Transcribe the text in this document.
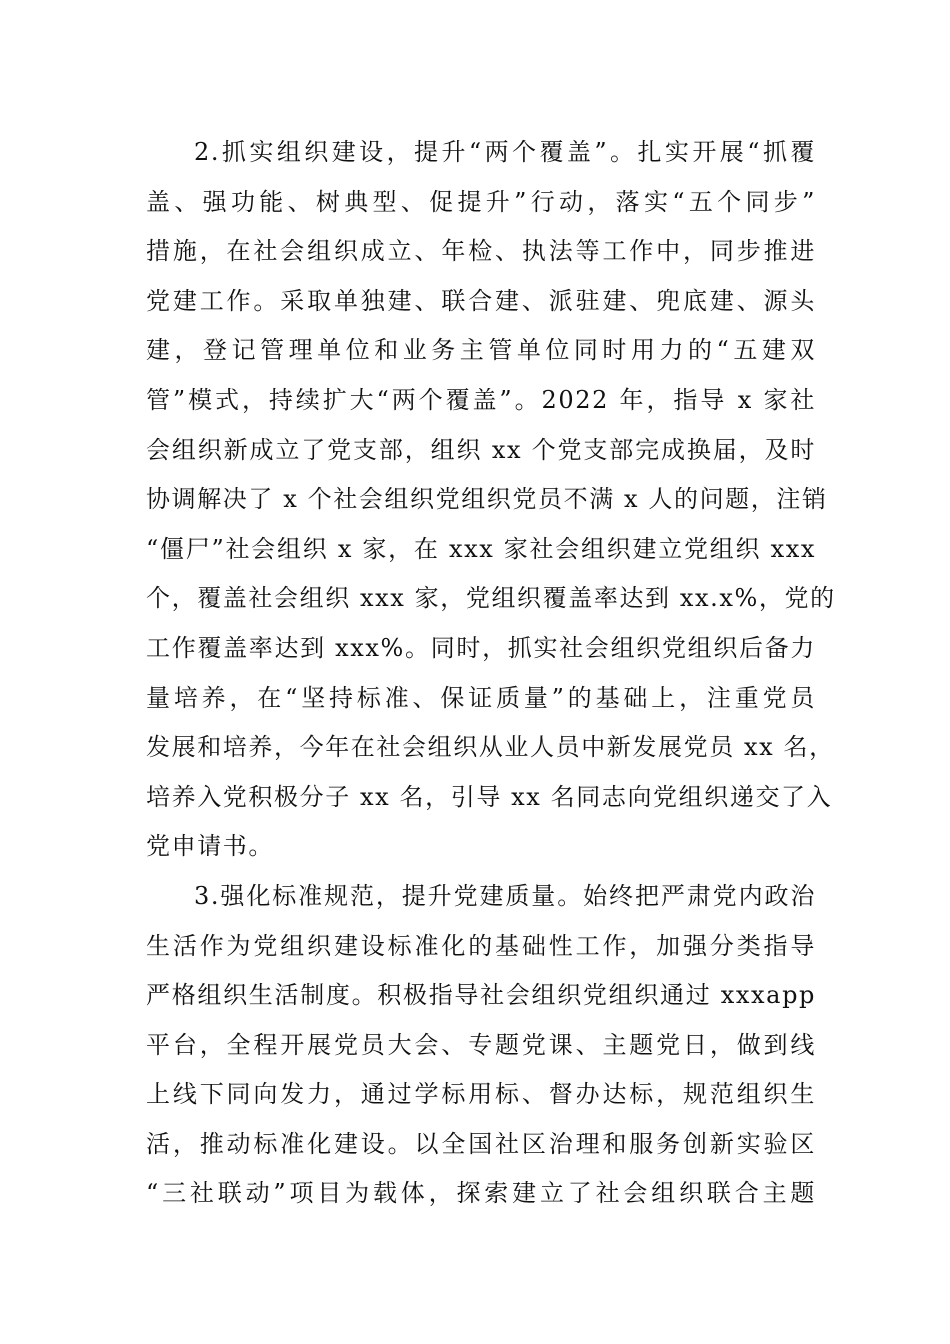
2.抓实组织建设，提升“两个覆盖”。扎实开展“抓覆
盖、强功能、树典型、促提升”行动，落实“五个同步”
措施，在社会组织成立、年检、执法等工作中，同步推进
党建工作。采取单独建、联合建、派驻建、兜底建、源头
建，登记管理单位和业务主管单位同时用力的“五建双
管”模式，持续扩大“两个覆盖”。2022 年，指导 x 家社
会组织新成立了党支部，组织 xx 个党支部完成换届，及时
协调解决了 x 个社会组织党组织党员不满 x 人的问题，注销
“僵尸”社会组织 x 家，在 xxx 家社会组织建立党组织 xxx
个，覆盖社会组织 xxx 家，党组织覆盖率达到 xx.x%，党的
工作覆盖率达到 xxx%。同时，抓实社会组织党组织后备力
量培养，在“坚持标准、保证质量”的基础上，注重党员
发展和培养，今年在社会组织从业人员中新发展党员 xx 名，
培养入党积极分子 xx 名，引导 xx 名同志向党组织递交了入
党申请书。
3.强化标准规范，提升党建质量。始终把严肃党内政治
生活作为党组织建设标准化的基础性工作，加强分类指导
严格组织生活制度。积极指导社会组织党组织通过 xxxapp
平台，全程开展党员大会、专题党课、主题党日，做到线
上线下同向发力，通过学标用标、督办达标，规范组织生
活，推动标准化建设。以全国社区治理和服务创新实验区
“三社联动”项目为载体，探索建立了社会组织联合主题
